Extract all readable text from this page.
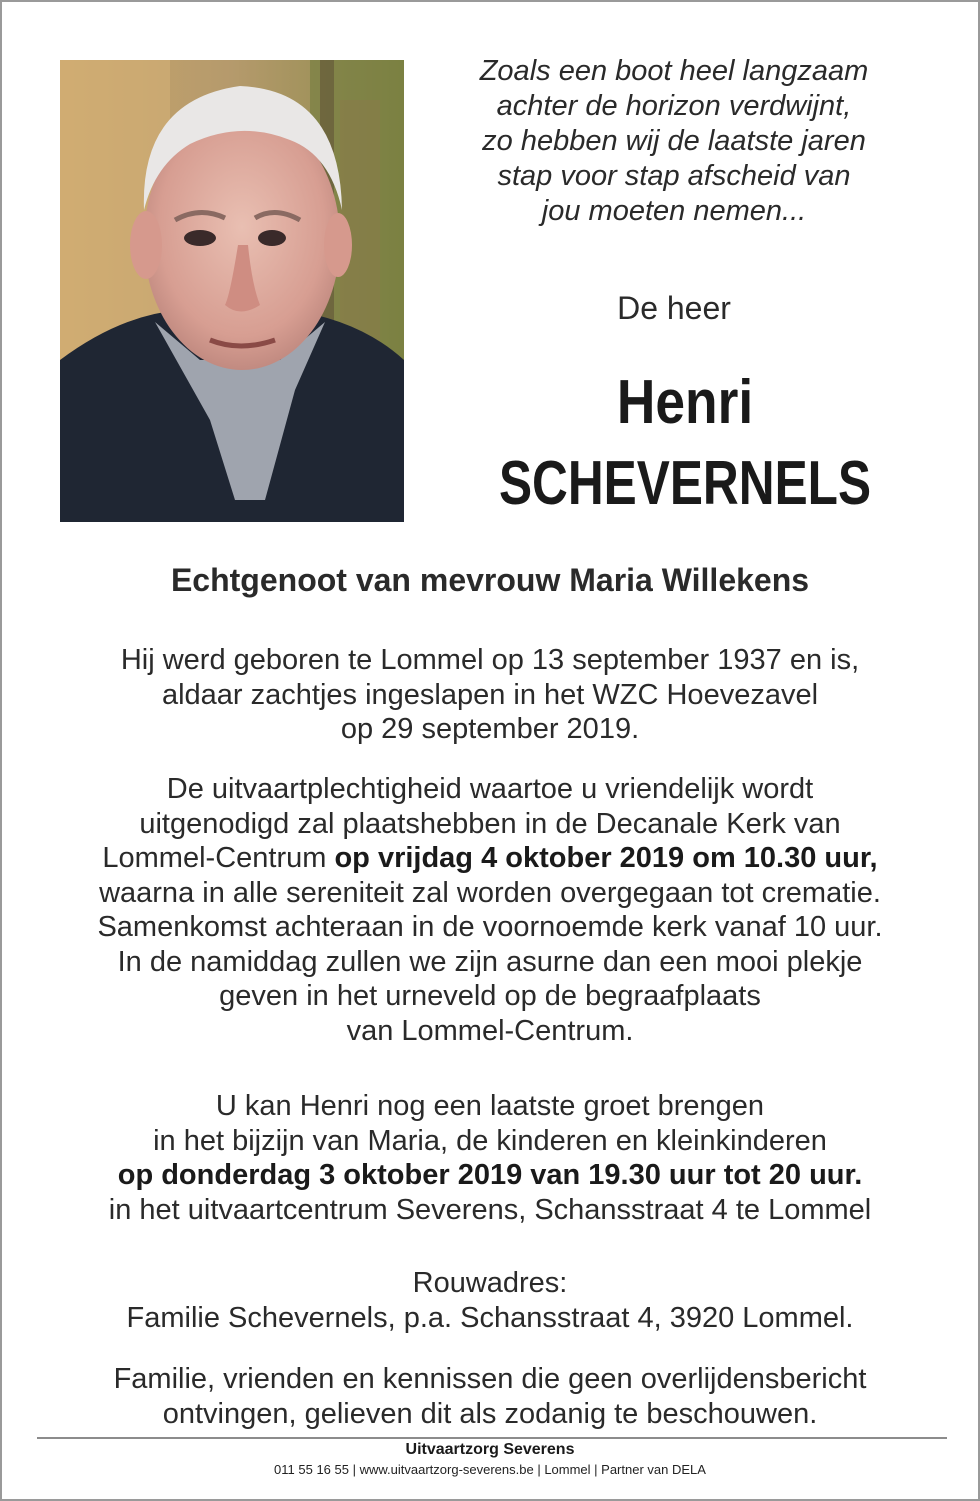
Zoals een boot heel langzaam
achter de horizon verdwijnt,
zo hebben wij de laatste jaren
stap voor stap afscheid van
jou moeten nemen...
De heer
Henri
SCHEVERNELS
Echtgenoot van mevrouw Maria Willekens
Hij werd geboren te Lommel op 13 september 1937 en is,
aldaar zachtjes ingeslapen in het WZC Hoevezavel
op 29 september 2019.
De uitvaartplechtigheid waartoe u vriendelijk wordt
uitgenodigd zal plaatshebben in de Decanale Kerk van
Lommel-Centrum op vrijdag 4 oktober 2019 om 10.30 uur,
waarna in alle sereniteit zal worden overgegaan tot crematie.
Samenkomst achteraan in de voornoemde kerk vanaf 10 uur.
In de namiddag zullen we zijn asurne dan een mooi plekje
geven in het urneveld op de begraafplaats
van Lommel-Centrum.
U kan Henri nog een laatste groet brengen
in het bijzijn van Maria, de kinderen en kleinkinderen
op donderdag 3 oktober 2019 van 19.30 uur tot 20 uur.
in het uitvaartcentrum Severens, Schansstraat 4 te Lommel
Rouwadres:
Familie Schevernels, p.a. Schansstraat 4, 3920 Lommel.
Familie, vrienden en kennissen die geen overlijdensbericht
ontvingen, gelieven dit als zodanig te beschouwen.
Uitvaartzorg Severens
011 55 16 55 | www.uitvaartzorg-severens.be | Lommel | Partner van DELA
